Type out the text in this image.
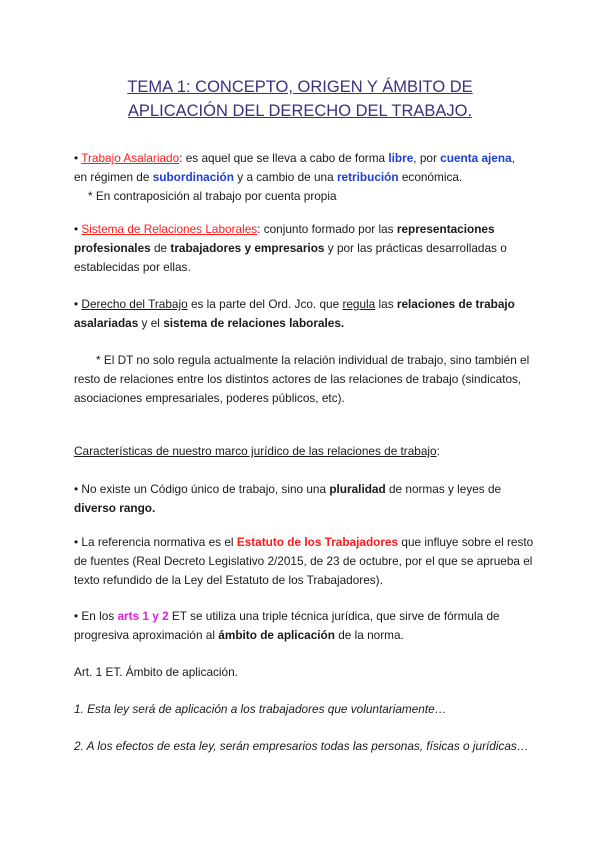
TEMA 1: CONCEPTO, ORIGEN Y ÁMBITO DE
APLICACIÓN DEL DERECHO DEL TRABAJO.
• Trabajo Asalariado: es aquel que se lleva a cabo de forma libre, por cuenta ajena,
en régimen de subordinación y a cambio de una retribución económica.
* En contraposición al trabajo por cuenta propia
• Sistema de Relaciones Laborales: conjunto formado por las representaciones profesionales de trabajadores y empresarios y por las prácticas desarrolladas o establecidas por ellas.
• Derecho del Trabajo es la parte del Ord. Jco. que regula las relaciones de trabajo asalariadas y el sistema de relaciones laborales.
* El DT no solo regula actualmente la relación individual de trabajo, sino también el resto de relaciones entre los distintos actores de las relaciones de trabajo (sindicatos, asociaciones empresariales, poderes públicos, etc).
Características de nuestro marco jurídico de las relaciones de trabajo:
• No existe un Código único de trabajo, sino una pluralidad de normas y leyes de diverso rango.
• La referencia normativa es el Estatuto de los Trabajadores que influye sobre el resto de fuentes (Real Decreto Legislativo 2/2015, de 23 de octubre, por el que se aprueba el texto refundido de la Ley del Estatuto de los Trabajadores).
• En los arts 1 y 2 ET se utiliza una triple técnica jurídica, que sirve de fórmula de progresiva aproximación al ámbito de aplicación de la norma.
Art. 1 ET. Ámbito de aplicación.
1. Esta ley será de aplicación a los trabajadores que voluntariamente…
2. A los efectos de esta ley, serán empresarios todas las personas, físicas o jurídicas…
